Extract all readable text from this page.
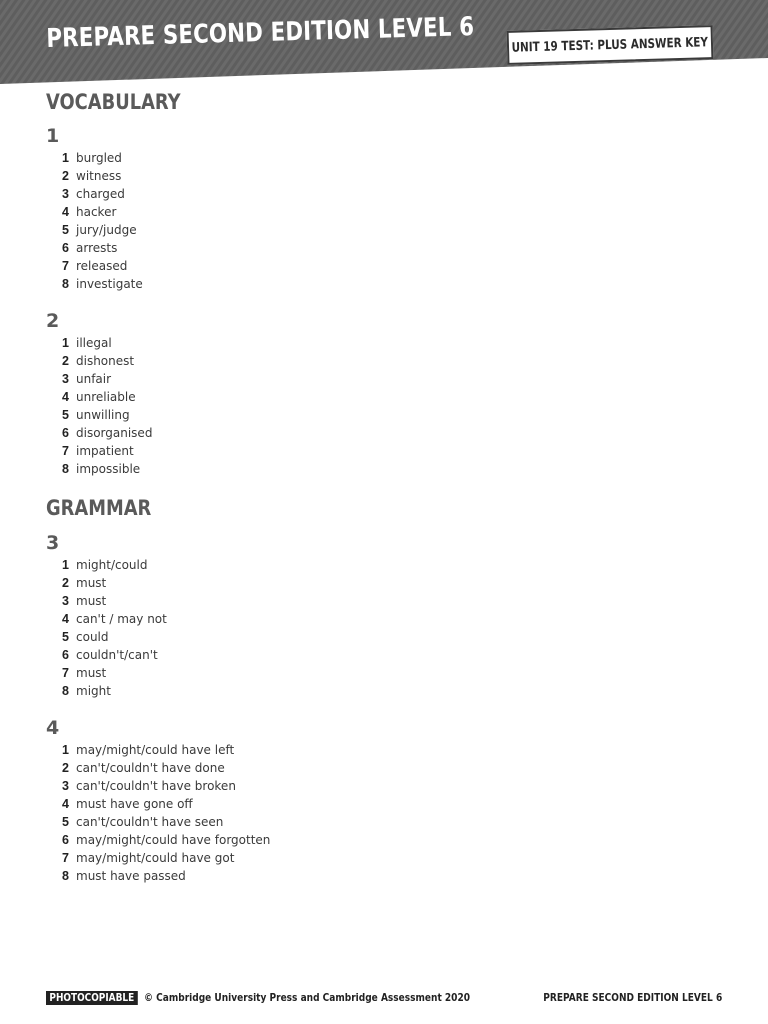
PREPARE SECOND EDITION LEVEL 6	UNIT 19 TEST: PLUS ANSWER KEY
VOCABULARY
1
1 burgled
2 witness
3 charged
4 hacker
5 jury/judge
6 arrests
7 released
8 investigate
2
1 illegal
2 dishonest
3 unfair
4 unreliable
5 unwilling
6 disorganised
7 impatient
8 impossible
GRAMMAR
3
1 might/could
2 must
3 must
4 can't / may not
5 could
6 couldn't/can't
7 must
8 might
4
1 may/might/could have left
2 can't/couldn't have done
3 can't/couldn't have broken
4 must have gone off
5 can't/couldn't have seen
6 may/might/could have forgotten
7 may/might/could have got
8 must have passed
PHOTOCOPIABLE © Cambridge University Press and Cambridge Assessment 2020	PREPARE SECOND EDITION LEVEL 6
